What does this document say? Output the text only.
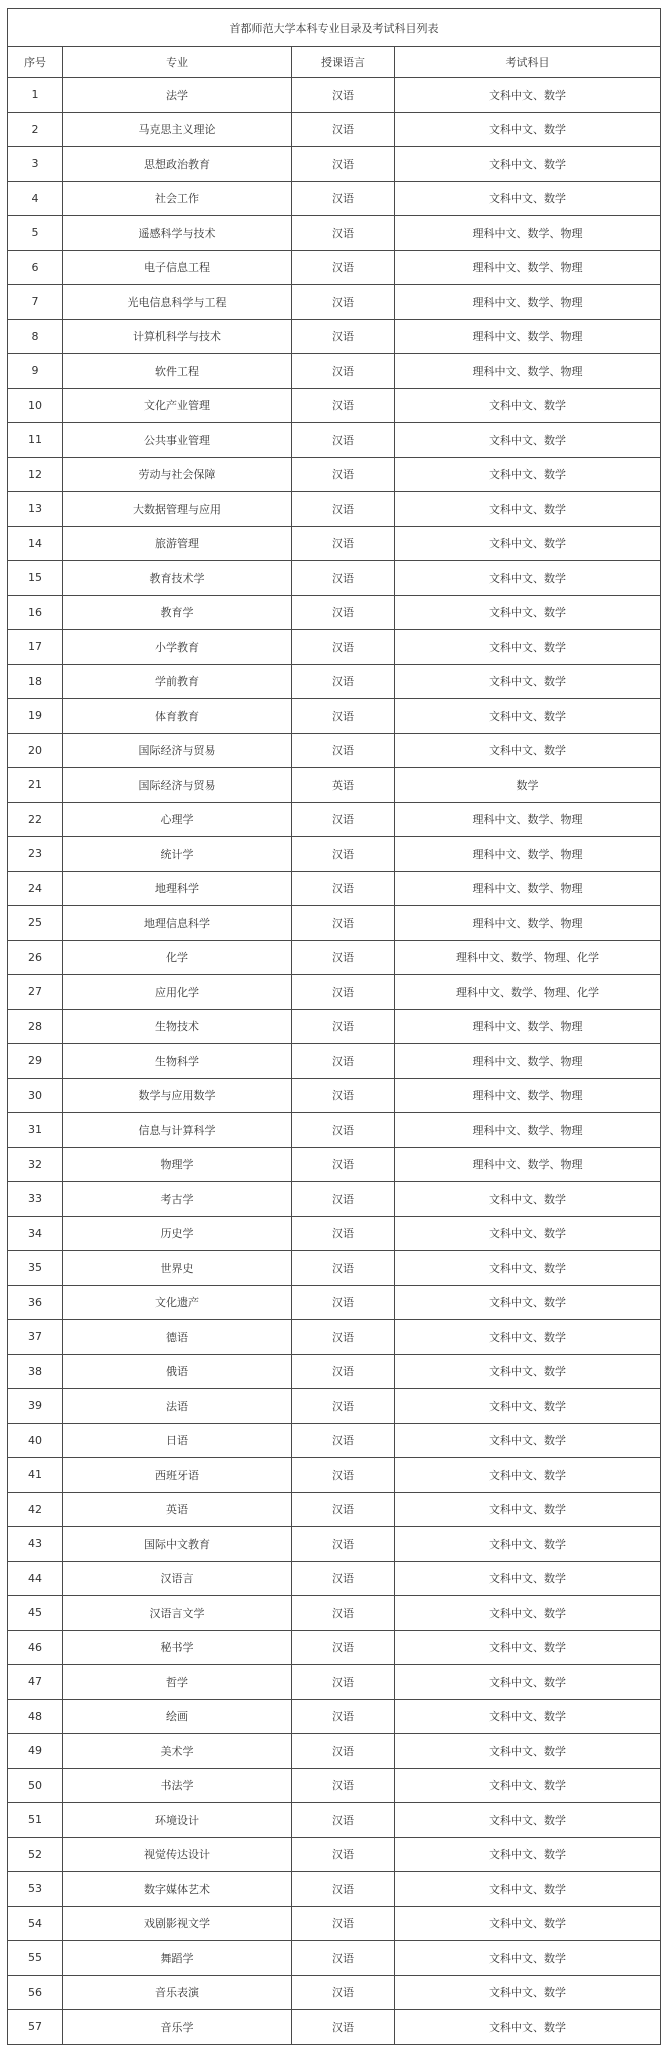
首都师范大学本科专业目录及考试科目列表			
序号	专业	授课语言	考试科目
1	法学	汉语	文科中文、数学
2	马克思主义理论	汉语	文科中文、数学
3	思想政治教育	汉语	文科中文、数学
4	社会工作	汉语	文科中文、数学
5	遥感科学与技术	汉语	理科中文、数学、物理
6	电子信息工程	汉语	理科中文、数学、物理
7	光电信息科学与工程	汉语	理科中文、数学、物理
8	计算机科学与技术	汉语	理科中文、数学、物理
9	软件工程	汉语	理科中文、数学、物理
10	文化产业管理	汉语	文科中文、数学
11	公共事业管理	汉语	文科中文、数学
12	劳动与社会保障	汉语	文科中文、数学
13	大数据管理与应用	汉语	文科中文、数学
14	旅游管理	汉语	文科中文、数学
15	教育技术学	汉语	文科中文、数学
16	教育学	汉语	文科中文、数学
17	小学教育	汉语	文科中文、数学
18	学前教育	汉语	文科中文、数学
19	体育教育	汉语	文科中文、数学
20	国际经济与贸易	汉语	文科中文、数学
21	国际经济与贸易	英语	数学
22	心理学	汉语	理科中文、数学、物理
23	统计学	汉语	理科中文、数学、物理
24	地理科学	汉语	理科中文、数学、物理
25	地理信息科学	汉语	理科中文、数学、物理
26	化学	汉语	理科中文、数学、物理、化学
27	应用化学	汉语	理科中文、数学、物理、化学
28	生物技术	汉语	理科中文、数学、物理
29	生物科学	汉语	理科中文、数学、物理
30	数学与应用数学	汉语	理科中文、数学、物理
31	信息与计算科学	汉语	理科中文、数学、物理
32	物理学	汉语	理科中文、数学、物理
33	考古学	汉语	文科中文、数学
34	历史学	汉语	文科中文、数学
35	世界史	汉语	文科中文、数学
36	文化遗产	汉语	文科中文、数学
37	德语	汉语	文科中文、数学
38	俄语	汉语	文科中文、数学
39	法语	汉语	文科中文、数学
40	日语	汉语	文科中文、数学
41	西班牙语	汉语	文科中文、数学
42	英语	汉语	文科中文、数学
43	国际中文教育	汉语	文科中文、数学
44	汉语言	汉语	文科中文、数学
45	汉语言文学	汉语	文科中文、数学
46	秘书学	汉语	文科中文、数学
47	哲学	汉语	文科中文、数学
48	绘画	汉语	文科中文、数学
49	美术学	汉语	文科中文、数学
50	书法学	汉语	文科中文、数学
51	环境设计	汉语	文科中文、数学
52	视觉传达设计	汉语	文科中文、数学
53	数字媒体艺术	汉语	文科中文、数学
54	戏剧影视文学	汉语	文科中文、数学
55	舞蹈学	汉语	文科中文、数学
56	音乐表演	汉语	文科中文、数学
57	音乐学	汉语	文科中文、数学
